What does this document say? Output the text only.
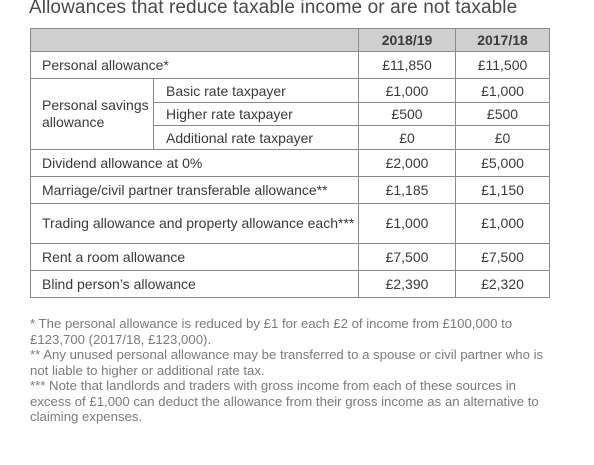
Allowances that reduce taxable income or are not taxable
		2018/19	2017/18
Personal allowance*		£11,850	£11,500
Personal savings allowance	Basic rate taxpayer	£1,000	£1,000
	Higher rate taxpayer	£500	£500
	Additional rate taxpayer	£0	£0
Dividend allowance at 0%		£2,000	£5,000
Marriage/civil partner transferable allowance**		£1,185	£1,150
Trading allowance and property allowance each***		£1,000	£1,000
Rent a room allowance		£7,500	£7,500
Blind person’s allowance		£2,390	£2,320

* The personal allowance is reduced by £1 for each £2 of income from £100,000 to £123,700 (2017/18, £123,000).

** Any unused personal allowance may be transferred to a spouse or civil partner who is not liable to higher or additional rate tax.

*** Note that landlords and traders with gross income from each of these sources in excess of £1,000 can deduct the allowance from their gross income as an alternative to claiming expenses.
